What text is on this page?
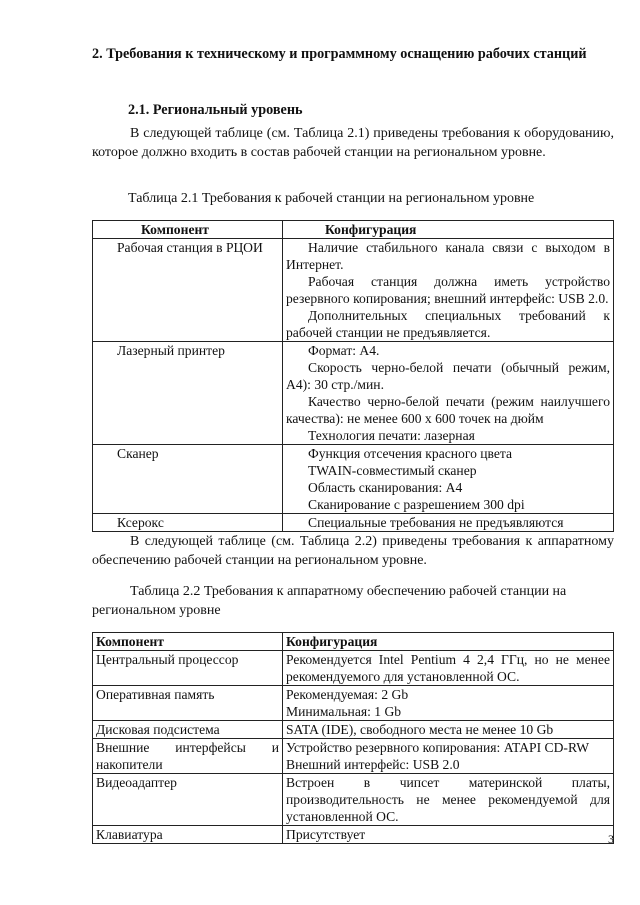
2. Требования к техническому и программному оснащению рабочих станций
2.1. Региональный уровень

В следующей таблице (см. Таблица 2.1) приведены требования к оборудованию, которое должно входить в состав рабочей станции на региональном уровне.

Таблица 2.1 Требования к рабочей станции на региональном уровне
Компонент	Конфигурация
Рабочая станция в РЦОИ	Наличие стабильного канала связи с выходом в Интернет.
Рабочая станция должна иметь устройство резервного копирования; внешний интерфейс: USB 2.0.
Дополнительных специальных требований к рабочей станции не предъявляется.

Лазерный принтер	Формат: А4.
Скорость черно-белой печати (обычный режим, А4): 30 стр./мин.
Качество черно-белой печати (режим наилучшего качества): не менее 600 х 600 точек на дюйм
Технология печати: лазерная

Сканер	Функция отсечения красного цвета
TWAIN-совместимый сканер
Область сканирования: А4
Сканирование с разрешением 300 dpi

Ксерокс	Специальные требования не предъявляются

В следующей таблице (см. Таблица 2.2) приведены требования к аппаратному обеспечению рабочей станции на региональном уровне.

Таблица 2.2 Требования к аппаратному обеспечению рабочей станции на региональном уровне

Компонент	Конфигурация
Центральный процессор	Рекомендуется Intel Pentium 4 2,4 ГГц, но не менее рекомендуемого для установленной ОС.

Оперативная память	Рекомендуемая: 2 Gb
Минимальная: 1 Gb

Дисковая подсистема	SATA (IDE), свободного места не менее 10 Gb

Внешние интерфейсы и накопители	Устройство резервного копирования: ATAPI CD-RW
Внешний интерфейс: USB 2.0

Видеоадаптер	Встроен в чипсет материнской платы, производительность не менее рекомендуемой для установленной ОС.

Клавиатура	Присутствует	3
